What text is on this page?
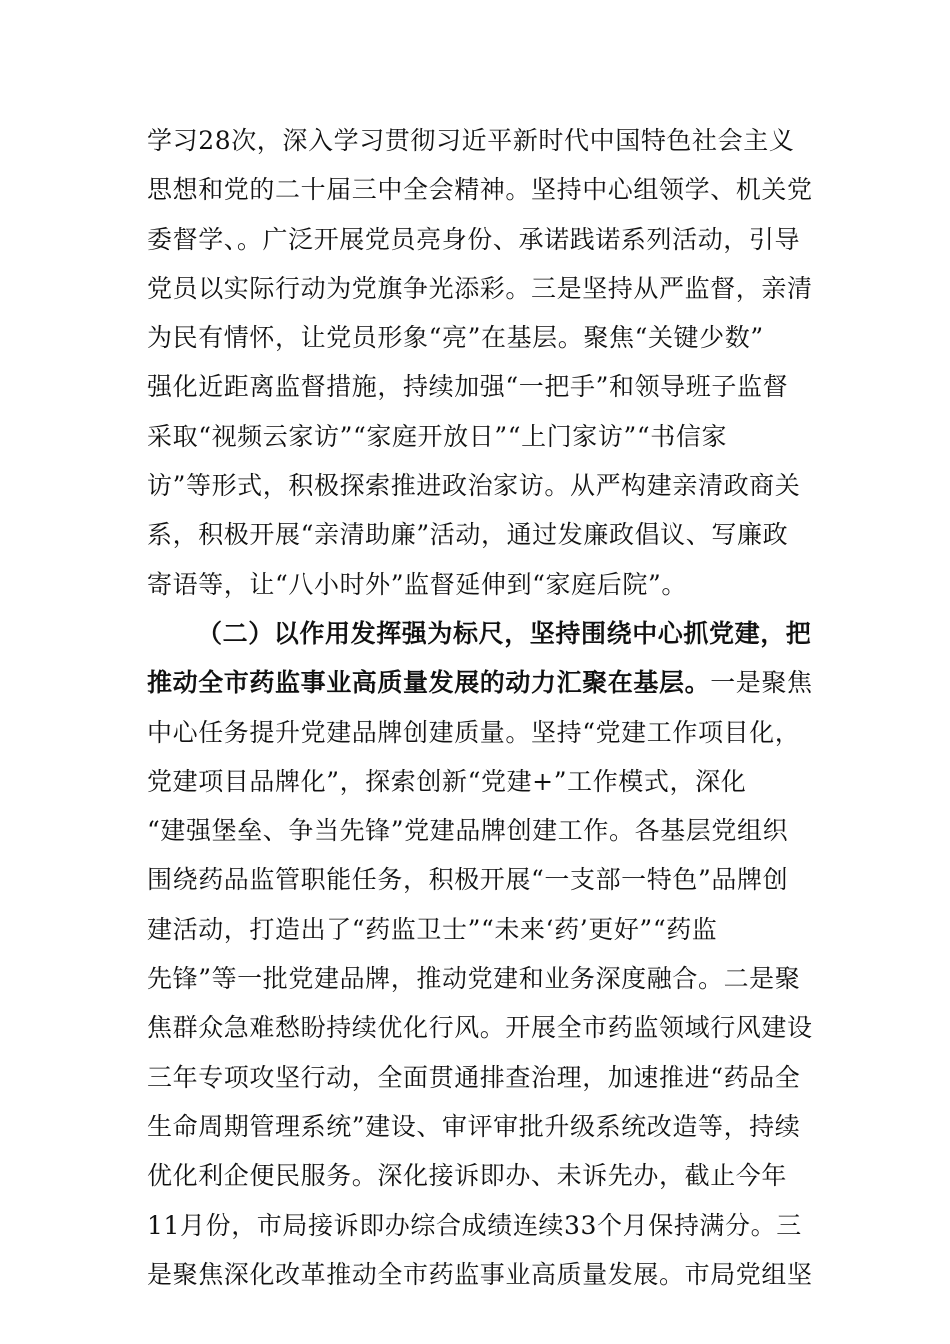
学习28次，深入学习贯彻习近平新时代中国特色社会主义
思想和党的二十届三中全会精神。坚持中心组领学、机关党
委督学、。广泛开展党员亮身份、承诺践诺系列活动，引导
党员以实际行动为党旗争光添彩。三是坚持从严监督，亲清
为民有情怀，让党员形象“亮”在基层。聚焦“关键少数”
强化近距离监督措施，持续加强“一把手”和领导班子监督
采取“视频云家访”“家庭开放日”“上门家访”“书信家
访”等形式，积极探索推进政治家访。从严构建亲清政商关
系，积极开展“亲清助廉”活动，通过发廉政倡议、写廉政
寄语等，让“八小时外”监督延伸到“家庭后院”。
（二）以作用发挥强为标尺，坚持围绕中心抓党建，把
推动全市药监事业高质量发展的动力汇聚在基层。一是聚焦
中心任务提升党建品牌创建质量。坚持“党建工作项目化，
党建项目品牌化”，探索创新“党建+”工作模式，深化
“建强堡垒、争当先锋”党建品牌创建工作。各基层党组织
围绕药品监管职能任务，积极开展“一支部一特色”品牌创
建活动，打造出了“药监卫士”“未来‘药’更好”“药监
先锋”等一批党建品牌，推动党建和业务深度融合。二是聚
焦群众急难愁盼持续优化行风。开展全市药监领域行风建设
三年专项攻坚行动，全面贯通排查治理，加速推进“药品全
生命周期管理系统”建设、审评审批升级系统改造等，持续
优化利企便民服务。深化接诉即办、未诉先办，截止今年
11月份，市局接诉即办综合成绩连续33个月保持满分。三
是聚焦深化改革推动全市药监事业高质量发展。市局党组坚
